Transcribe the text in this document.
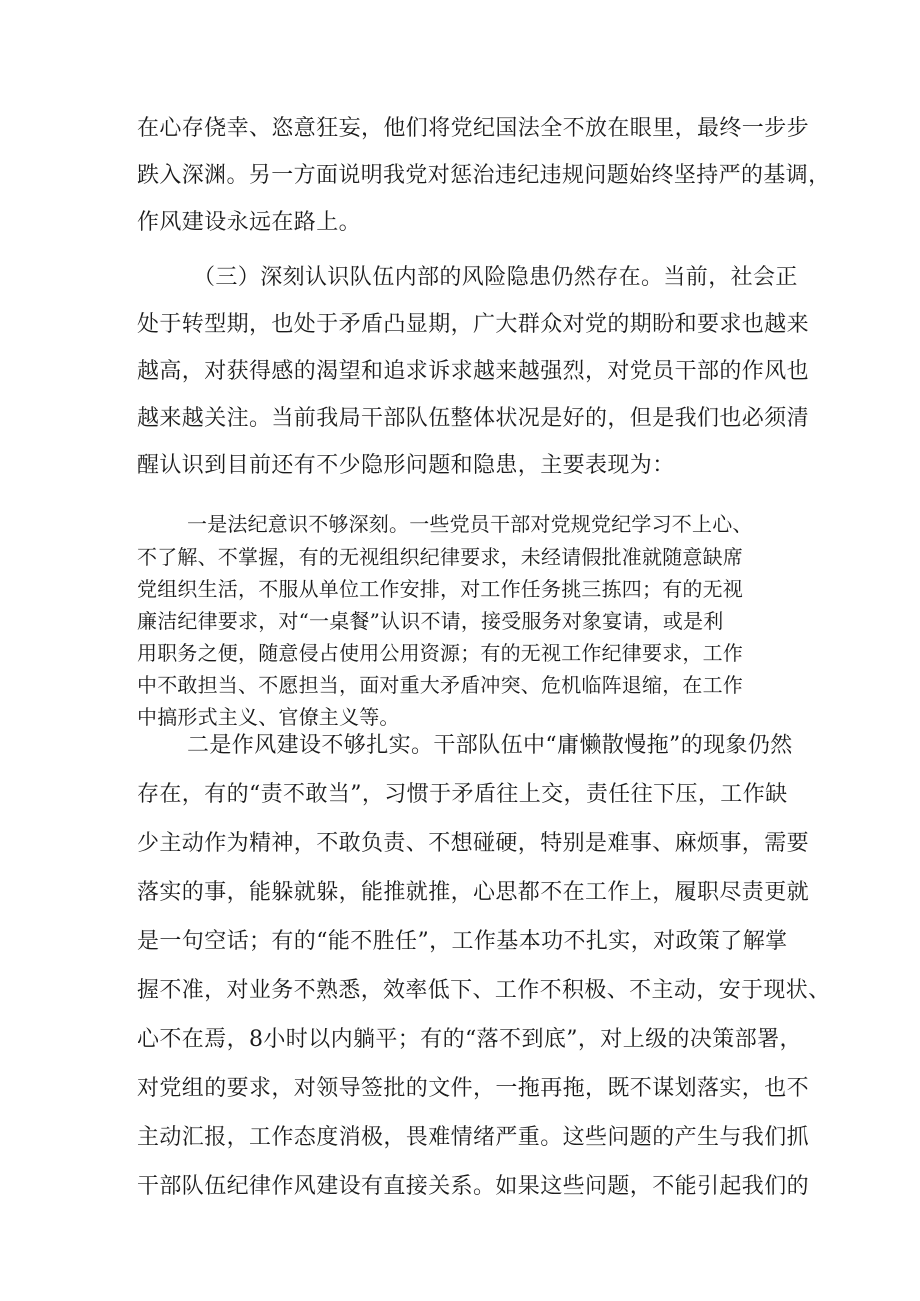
在心存侥幸、恣意狂妄，他们将党纪国法全不放在眼里，最终一步步
跌入深渊。另一方面说明我党对惩治违纪违规问题始终坚持严的基调，
作风建设永远在路上。
（三）深刻认识队伍内部的风险隐患仍然存在。当前，社会正
处于转型期，也处于矛盾凸显期，广大群众对党的期盼和要求也越来
越高，对获得感的渴望和追求诉求越来越强烈，对党员干部的作风也
越来越关注。当前我局干部队伍整体状况是好的，但是我们也必须清
醒认识到目前还有不少隐形问题和隐患，主要表现为：
一是法纪意识不够深刻。一些党员干部对党规党纪学习不上心、
不了解、不掌握，有的无视组织纪律要求，未经请假批准就随意缺席
党组织生活，不服从单位工作安排，对工作任务挑三拣四；有的无视
廉洁纪律要求，对“一桌餐”认识不请，接受服务对象宴请，或是利
用职务之便，随意侵占使用公用资源；有的无视工作纪律要求，工作
中不敢担当、不愿担当，面对重大矛盾冲突、危机临阵退缩，在工作
中搞形式主义、官僚主义等。
二是作风建设不够扎实。干部队伍中“庸懒散慢拖”的现象仍然
存在，有的“责不敢当”，习惯于矛盾往上交，责任往下压，工作缺
少主动作为精神，不敢负责、不想碰硬，特别是难事、麻烦事，需要
落实的事，能躲就躲，能推就推，心思都不在工作上，履职尽责更就
是一句空话；有的“能不胜任”，工作基本功不扎实，对政策了解掌
握不准，对业务不熟悉，效率低下、工作不积极、不主动，安于现状、
心不在焉，8小时以内躺平；有的“落不到底”，对上级的决策部署，
对党组的要求，对领导签批的文件，一拖再拖，既不谋划落实，也不
主动汇报，工作态度消极，畏难情绪严重。这些问题的产生与我们抓
干部队伍纪律作风建设有直接关系。如果这些问题，不能引起我们的
